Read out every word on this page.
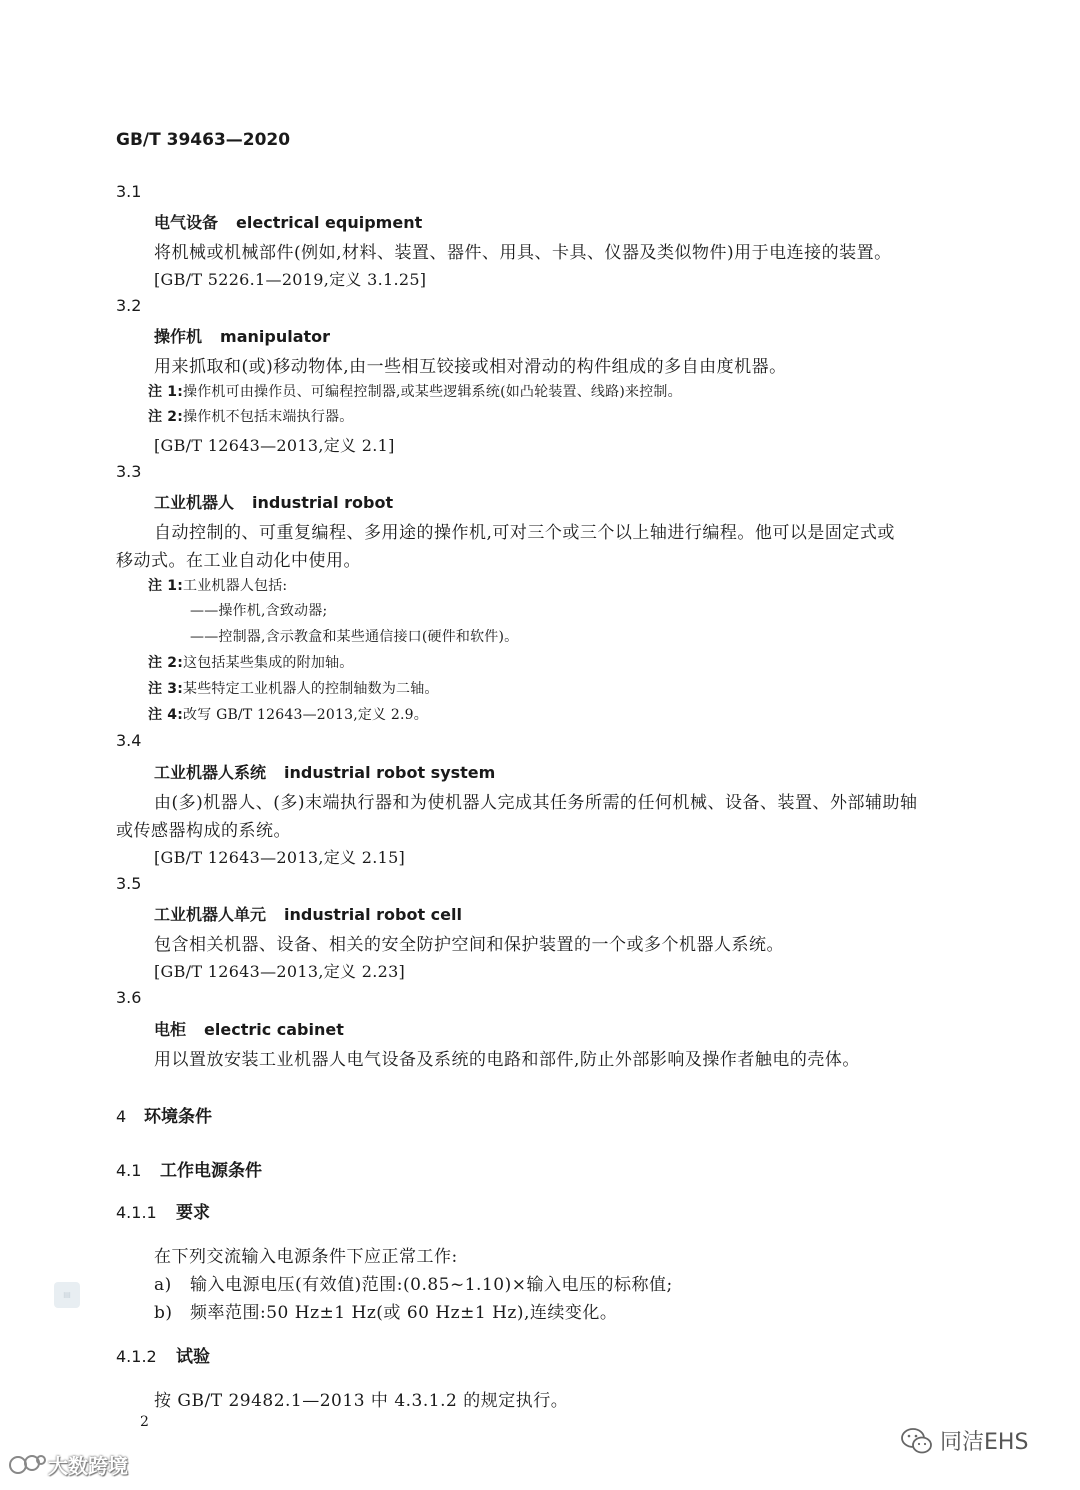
GB/T 39463—2020
3.1
电气设备 electrical equipment
将机械或机械部件(例如,材料、装置、器件、用具、卡具、仪器及类似物件)用于电连接的装置。
[GB/T 5226.1—2019,定义 3.1.25]
3.2
操作机 manipulator
用来抓取和(或)移动物体,由一些相互铰接或相对滑动的构件组成的多自由度机器。
注 1:操作机可由操作员、可编程控制器,或某些逻辑系统(如凸轮装置、线路)来控制。
注 2:操作机不包括末端执行器。
[GB/T 12643—2013,定义 2.1]
3.3
工业机器人 industrial robot
自动控制的、可重复编程、多用途的操作机,可对三个或三个以上轴进行编程。他可以是固定式或
移动式。在工业自动化中使用。
注 1:工业机器人包括:
——操作机,含致动器;
——控制器,含示教盒和某些通信接口(硬件和软件)。
注 2:这包括某些集成的附加轴。
注 3:某些特定工业机器人的控制轴数为二轴。
注 4:改写 GB/T 12643—2013,定义 2.9。
3.4
工业机器人系统 industrial robot system
由(多)机器人、(多)末端执行器和为使机器人完成其任务所需的任何机械、设备、装置、外部辅助轴
或传感器构成的系统。
[GB/T 12643—2013,定义 2.15]
3.5
工业机器人单元 industrial robot cell
包含相关机器、设备、相关的安全防护空间和保护装置的一个或多个机器人系统。
[GB/T 12643—2013,定义 2.23]
3.6
电柜 electric cabinet
用以置放安装工业机器人电气设备及系统的电路和部件,防止外部影响及操作者触电的壳体。
4 环境条件
4.1 工作电源条件
4.1.1 要求
在下列交流输入电源条件下应正常工作:
a) 输入电源电压(有效值)范围:(0.85~1.10)×输入电压的标称值;
b) 频率范围:50 Hz±1 Hz(或 60 Hz±1 Hz),连续变化。
4.1.2 试验
按 GB/T 29482.1—2013 中 4.3.1.2 的规定执行。
2
▤
大数跨境
同洁EHS
